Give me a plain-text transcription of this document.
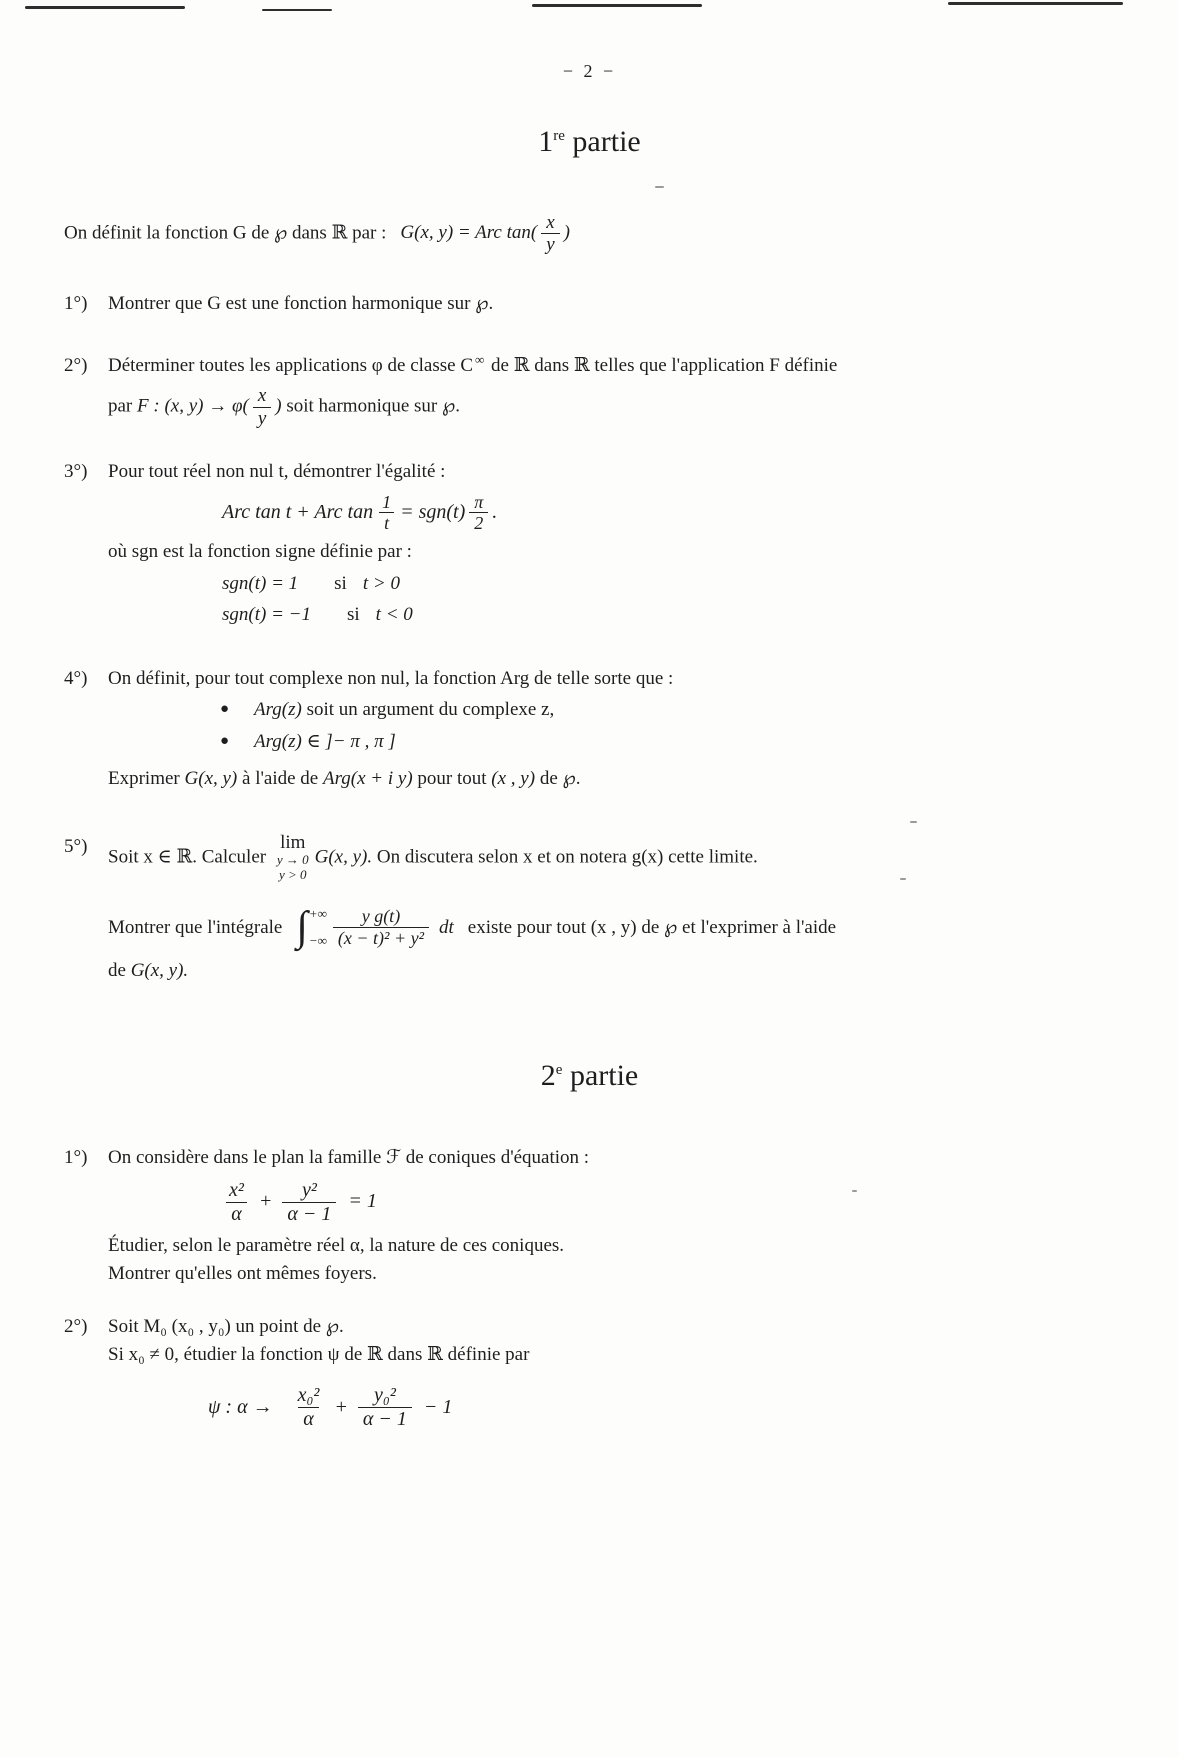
− 2 −
1re partie
On définit la fonction G de ℘ dans ℝ par : G(x, y) = Arc $\tan( \frac{x}{y}$ )
1°)	Montrer que G est une fonction harmonique sur ℘.
2°)	Déterminer toutes les applications φ de classe C ∞ de ℝ dans ℝ telles que l'application F définie
par F : (x, $y) \to \varphi( \frac{x}{y}$ ) soit harmonique sur ℘.
3°)	Pour tout réel non nul t, démontrer l'égalité :
Arc tan t + Arc $\tan \frac{1}{t} = sgn(t) \frac{\pi}{2}$ .
où sgn est la fonction signe définie par :
sgn(t) = 1 si t > 0
sgn(t) = −1 si t < 0
4°)	On définit, pour tout complexe non nul, la fonction Arg de telle sorte que :
● Arg(z) soit un argument du complexe z,
● Arg(z) ∈ ]− π , π ]
Exprimer G(x, y) à l'aide de Arg(x + i y) pour tout (x , y) de ℘.
5°)	Soit x ∈ ℝ. Calculer
lim
y → 0
y > 0
G(x, y). On discutera selon x et on notera g(x) cette limite.
Montrer que l'intégrale ∫ +∞
−∞ $\frac{\text{y g(t)}}{\text{(x − t)² + y²}}$ dt existe pour tout (x , y) de ℘ et l'exprimer à l'aide
de G(x, y).
2e partie
1°)	On considère dans le plan la famille ℱ de coniques d'équation :
$\frac{\text{x²}}{\alpha} + \frac{\text{y²}}{\alpha - 1} = 1$
Étudier, selon le paramètre réel α, la nature de ces coniques.
Montrer qu'elles ont mêmes foyers.
2°)	Soit M₀ (x₀ , y₀) un point de ℘.
Si x₀ ≠ 0, étudier la fonction ψ de ℝ dans ℝ définie par
ψ : $\alpha \to \frac{\text{x₀²}}{\alpha} + \frac{\text{y₀²}}{\alpha - 1} - 1$
